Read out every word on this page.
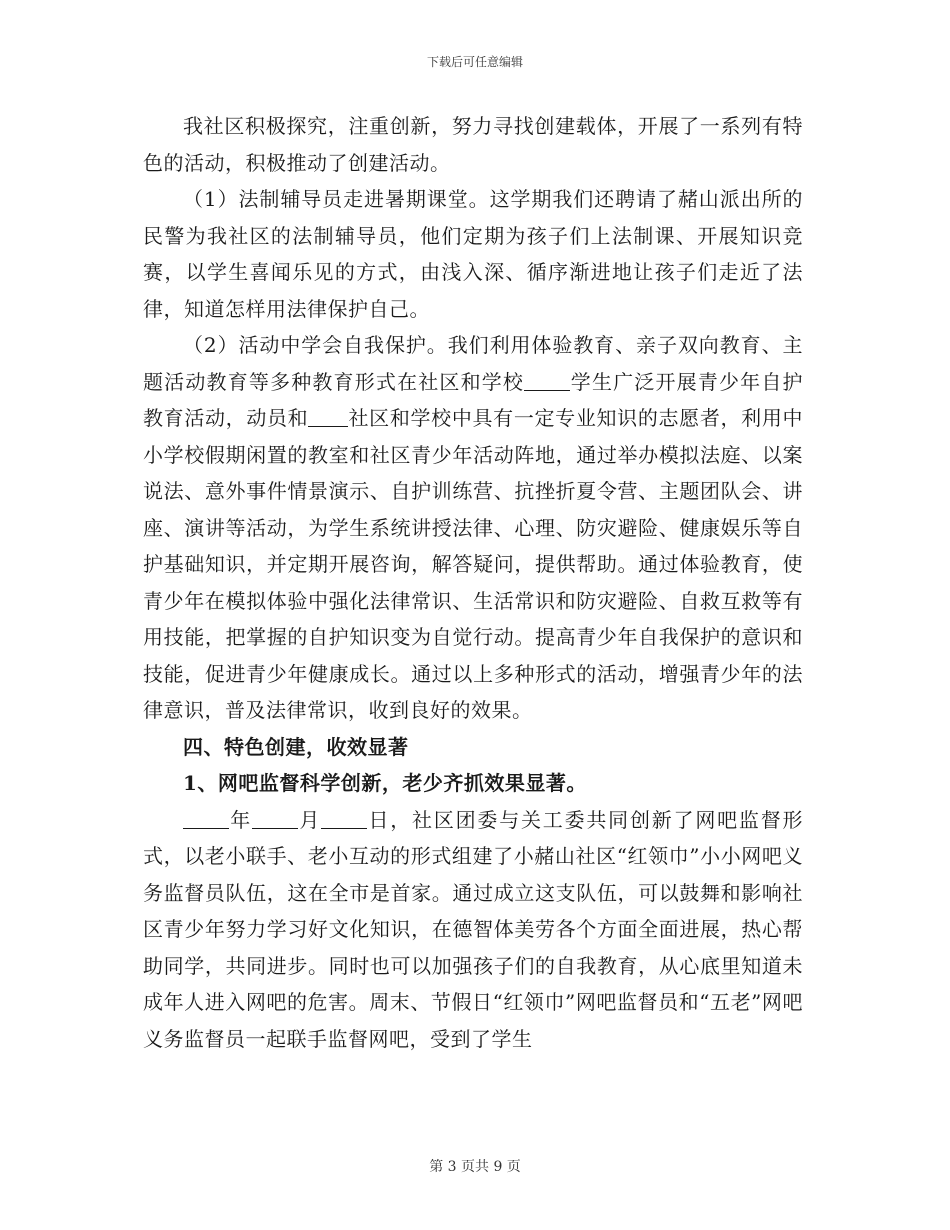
下载后可任意编辑

我社区积极探究，注重创新，努力寻找创建载体，开展了一系列有特色的活动，积极推动了创建活动。

（1）法制辅导员走进暑期课堂。这学期我们还聘请了赭山派出所的民警为我社区的法制辅导员，他们定期为孩子们上法制课、开展知识竞赛，以学生喜闻乐见的方式，由浅入深、循序渐进地让孩子们走近了法律，知道怎样用法律保护自己。

（2）活动中学会自我保护。我们利用体验教育、亲子双向教育、主题活动教育等多种教育形式在社区和学校 学生广泛开展青少年自护教育活动，动员和 社区和学校中具有一定专业知识的志愿者，利用中小学校假期闲置的教室和社区青少年活动阵地，通过举办模拟法庭、以案说法、意外事件情景演示、自护训练营、抗挫折夏令营、主题团队会、讲座、演讲等活动，为学生系统讲授法律、心理、防灾避险、健康娱乐等自护基础知识，并定期开展咨询，解答疑问，提供帮助。通过体验教育，使青少年在模拟体验中强化法律常识、生活常识和防灾避险、自救互救等有用技能，把掌握的自护知识变为自觉行动。提高青少年自我保护的意识和技能，促进青少年健康成长。通过以上多种形式的活动，增强青少年的法律意识，普及法律常识，收到良好的效果。

四、特色创建，收效显著

1、网吧监督科学创新，老少齐抓效果显著。

年 月 日，社区团委与关工委共同创新了网吧监督形式，以老小联手、老小互动的形式组建了小赭山社区“红领巾”小小网吧义务监督员队伍，这在全市是首家。通过成立这支队伍，可以鼓舞和影响社区青少年努力学习好文化知识，在德智体美劳各个方面全面进展，热心帮助同学，共同进步。同时也可以加强孩子们的自我教育，从心底里知道未成年人进入网吧的危害。周末、节假日“红领巾”网吧监督员和“五老”网吧义务监督员一起联手监督网吧，受到了学生

第 3 页共 9 页
